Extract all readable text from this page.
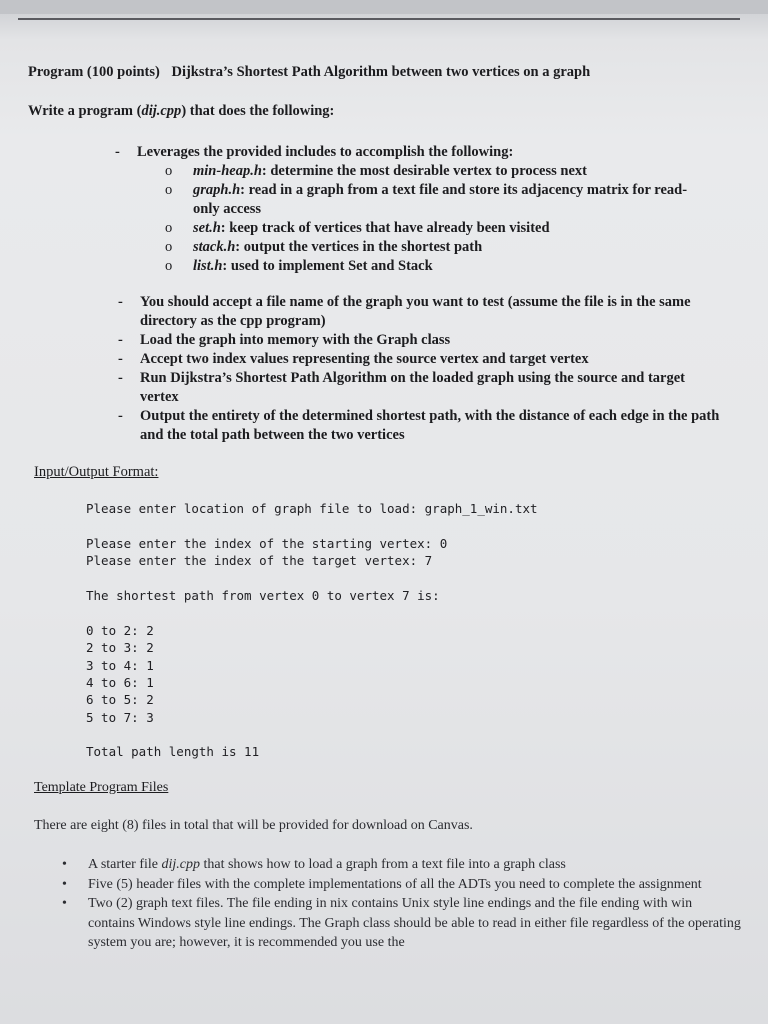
Program (100 points) Dijkstra’s Shortest Path Algorithm between two vertices on a graph
Write a program (dij.cpp) that does the following:
- Leverages the provided includes to accomplish the following:
o min-heap.h: determine the most desirable vertex to process next
o graph.h: read in a graph from a text file and store its adjacency matrix for read-only access
o set.h: keep track of vertices that have already been visited
o stack.h: output the vertices in the shortest path
o list.h: used to implement Set and Stack
- You should accept a file name of the graph you want to test (assume the file is in the same directory as the cpp program)
- Load the graph into memory with the Graph class
- Accept two index values representing the source vertex and target vertex
- Run Dijkstra’s Shortest Path Algorithm on the loaded graph using the source and target vertex
- Output the entirety of the determined shortest path, with the distance of each edge in the path and the total path between the two vertices
Input/Output Format:
Please enter location of graph file to load: graph_1_win.txt
Please enter the index of the starting vertex: 0
Please enter the index of the target vertex: 7
The shortest path from vertex 0 to vertex 7 is:
0 to 2: 2
2 to 3: 2
3 to 4: 1
4 to 6: 1
6 to 5: 2
5 to 7: 3
Total path length is 11
Template Program Files
There are eight (8) files in total that will be provided for download on Canvas.
• A starter file dij.cpp that shows how to load a graph from a text file into a graph class
• Five (5) header files with the complete implementations of all the ADTs you need to complete the assignment
• Two (2) graph text files. The file ending in nix contains Unix style line endings and the file ending with win contains Windows style line endings. The Graph class should be able to read in either file regardless of the operating system you are; however, it is recommended you use the
